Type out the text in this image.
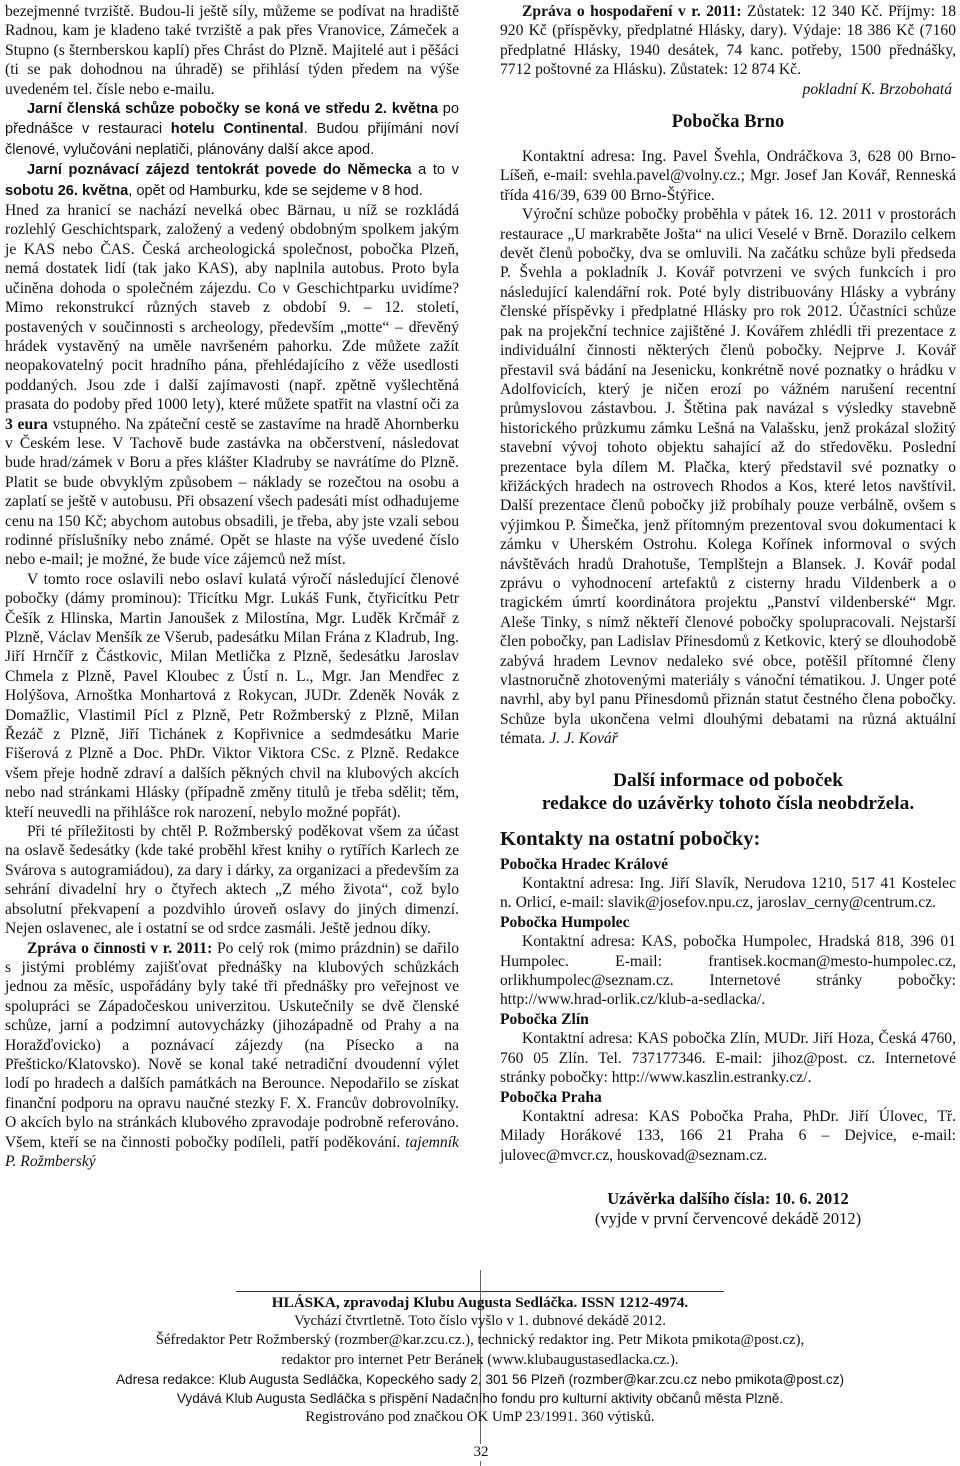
bezejmenné tvrziště. Budou-li ještě síly, můžeme se podívat na hradiště Radnou, kam je kladeno také tvrziště a pak přes Vranovice, Zámeček a Stupno (s šternberskou kaplí) přes Chrást do Plzně. Majitelé aut i pěšáci (ti se pak dohodnou na úhradě) se přihlásí týden předem na výše uvedeném tel. čísle nebo e-mailu.

Jarní členská schůze pobočky se koná ve středu 2. května po přednášce v restauraci hotelu Continental. Budou přijímáni noví členové, vylučováni neplatiči, plánovány další akce apod.

Jarní poznávací zájezd tentokrát povede do Německa a to v sobotu 26. května, opět od Hamburku, kde se sejdeme v 8 hod.

Hned za hranicí se nachází nevelká obec Bärnau, u níž se rozkládá rozlehlý Geschichtspark, založený a vedený obdobným spolkem jakým je KAS nebo ČAS. Česká archeologická společnost, pobočka Plzeň, nemá dostatek lidí (tak jako KAS), aby naplnila autobus. Proto byla učiněna dohoda o společném zájezdu. Co v Geschichtparku uvidíme? Mimo rekonstrukcí různých staveb z období 9. – 12. století, postavených v součinnosti s archeology, především „motte“ – dřevěný hrádek vystavěný na uměle navršeném pahorku. Zde můžete zažít neopakovatelný pocit hradního pána, přehlédajícího z věže usedlosti poddaných. Jsou zde i další zajímavosti (např. zpětně vyšlechtěná prasata do podoby před 1000 lety), které můžete spatřit na vlastní oči za 3 eura vstupného. Na zpáteční cestě se zastavíme na hradě Ahornberku v Českém lese. V Tachově bude zastávka na občerstvení, následovat bude hrad/zámek v Boru a přes klášter Kladruby se navrátíme do Plzně. Platit se bude obvyklým způsobem – náklady se rozečtou na osobu a zaplatí se ještě v autobusu. Při obsazení všech padesáti míst odhadujeme cenu na 150 Kč; abychom autobus obsadili, je třeba, aby jste vzali sebou rodinné příslušníky nebo známé. Opět se hlaste na výše uvedené číslo nebo e-mail; je možné, že bude více zájemců než míst.

V tomto roce oslavili nebo oslaví kulatá výročí následující členové pobočky (dámy prominou): Třicítku Mgr. Lukáš Funk, čtyřicítku Petr Češík z Hlinska, Martin Janoušek z Milostína, Mgr. Luděk Krčmář z Plzně, Václav Menšík ze Všerub, padesátku Milan Frána z Kladrub, Ing. Jiří Hrnčíř z Částkovic, Milan Metlička z Plzně, šedesátku Jaroslav Chmela z Plzně, Pavel Kloubec z Ústí n. L., Mgr. Jan Mendřec z Holýšova, Arnoštka Monhartová z Rokycan, JUDr. Zdeněk Novák z Domažlic, Vlastimil Pícl z Plzně, Petr Rožmberský z Plzně, Milan Řezáč z Plzně, Jiří Tichánek z Kopřivnice a sedmdesátku Marie Fišerová z Plzně a Doc. PhDr. Viktor Viktora CSc. z Plzně. Redakce všem přeje hodně zdraví a dalších pěkných chvil na klubových akcích nebo nad stránkami Hlásky (případně změny titulů je třeba sdělit; těm, kteří neuvedli na přihlášce rok narození, nebylo možné popřát).

Při té příležitosti by chtěl P. Rožmberský poděkovat všem za účast na oslavě šedesátky (kde také proběhl křest knihy o rytířích Karlech ze Svárova s autogramiádou), za dary i dárky, za organizaci a především za sehrání divadelní hry o čtyřech aktech „Z mého života“, což bylo absolutní překvapení a pozdvihlo úroveň oslavy do jiných dimenzí. Nejen oslavenec, ale i ostatní se od srdce zasmáli. Ještě jednou díky.

Zpráva o činnosti v r. 2011: Po celý rok (mimo prázdnin) se dařilo s jistými problémy zajišťovat přednášky na klubových schůzkách jednou za měsíc, uspořádány byly také tři přednášky pro veřejnost ve spolupráci se Západočeskou univerzitou. Uskutečnily se dvě členské schůze, jarní a podzimní autovycházky (jihozápadně od Prahy a na Horažďovicko) a poznávací zájezdy (na Písecko a na Přešticko/Klatovsko). Nově se konal také netradiční dvoudenní výlet lodí po hradech a dalších památkách na Berounce. Nepodařilo se získat finanční podporu na opravu naučné stezky F. X. Francův dobrovolníky. O akcích bylo na stránkách klubového zpravodaje podrobně referováno. Všem, kteří se na činnosti pobočky podíleli, patří poděkování. tajemník P. Rožmberský

Zpráva o hospodaření v r. 2011: Zůstatek: 12 340 Kč. Příjmy: 18 920 Kč (příspěvky, předplatné Hlásky, dary). Výdaje: 18 386 Kč (7160 předplatné Hlásky, 1940 desátek, 74 kanc. potřeby, 1500 přednášky, 7712 poštovné za Hlásku). Zůstatek: 12 874 Kč.

pokladní K. Brzobohatá

Pobočka Brno

Kontaktní adresa: Ing. Pavel Švehla, Ondráčkova 3, 628 00 Brno-Líšeň, e-mail: svehla.pavel@volny.cz.; Mgr. Josef Jan Kovář, Renneská třída 416/39, 639 00 Brno-Štýřice.

Výroční schůze pobočky proběhla v pátek 16. 12. 2011 v prostorách restaurace „U markraběte Jošta“ na ulici Veselé v Brně. Dorazilo celkem devět členů pobočky, dva se omluvili. Na začátku schůze byli předseda P. Švehla a pokladník J. Kovář potvrzeni ve svých funkcích i pro následující kalendářní rok. Poté byly distribuovány Hlásky a vybrány členské příspěvky i předplatné Hlásky pro rok 2012. Účastníci schůze pak na projekční technice zajištěné J. Kovářem zhlédli tři prezentace z individuální činnosti některých členů pobočky. Nejprve J. Kovář přestavil svá bádání na Jesenicku, konkrétně nové poznatky o hrádku v Adolfovicích, který je ničen erozí po vážném narušení recentní průmyslovou zástavbou. J. Štětina pak navázal s výsledky stavebně historického průzkumu zámku Lešná na Valašsku, jenž prokázal složitý stavební vývoj tohoto objektu sahající až do středověku. Poslední prezentace byla dílem M. Plačka, který představil své poznatky o křižáckých hradech na ostrovech Rhodos a Kos, které letos navštívil. Další prezentace členů pobočky již probíhaly pouze verbálně, ovšem s výjimkou P. Šimečka, jenž přítomným prezentoval svou dokumentaci k zámku v Uherském Ostrohu. Kolega Kořínek informoval o svých návštěvách hradů Drahotuše, Templštejn a Blansek. J. Kovář podal zprávu o vyhodnocení artefaktů z cisterny hradu Vildenberk a o tragickém úmrtí koordinátora projektu „Panství vildenberské“ Mgr. Aleše Tinky, s nímž někteří členové pobočky spolupracovali. Nejstarší člen pobočky, pan Ladislav Přinesdomů z Ketkovic, který se dlouhodobě zabývá hradem Levnov nedaleko své obce, potěšil přítomné členy vlastnoručně zhotovenými materiály s vánoční tématikou. J. Unger poté navrhl, aby byl panu Přinesdomů přiznán statut čestného člena pobočky. Schůze byla ukončena velmi dlouhými debatami na různá aktuální témata. J. J. Kovář

Další informace od poboček
redakce do uzávěrky tohoto čísla neobdržela.
Kontakty na ostatní pobočky:
Pobočka Hradec Králové

Kontaktní adresa: Ing. Jiří Slavík, Nerudova 1210, 517 41 Kostelec n. Orlicí, e-mail: slavik@josefov.npu.cz, jaroslav_cerny@centrum.cz.

Pobočka Humpolec

Kontaktní adresa: KAS, pobočka Humpolec, Hradská 818, 396 01 Humpolec. E-mail: frantisek.kocman@mesto-humpolec.cz, orlikhumpolec@seznam.cz. Internetové stránky pobočky: http://www.hrad-orlik.cz/klub-a-sedlacka/.

Pobočka Zlín

Kontaktní adresa: KAS pobočka Zlín, MUDr. Jiří Hoza, Česká 4760, 760 05 Zlín. Tel. 737177346. E-mail: jihoz@post. cz. Internetové stránky pobočky: http://www.kaszlin.estranky.cz/.

Pobočka Praha

Kontaktní adresa: KAS Pobočka Praha, PhDr. Jiří Úlovec, Tř. Milady Horákové 133, 166 21 Praha 6 – Dejvice, e-mail: julovec@mvcr.cz, houskovad@seznam.cz.

Uzávěrka dalšího čísla: 10. 6. 2012
(vyjde v první červencové dekádě 2012)

HLÁSKA, zpravodaj Klubu Augusta Sedláčka. ISSN 1212-4974.

Vychází čtvrtletně. Toto číslo vyšlo v 1. dubnové dekádě 2012.

Šéfredaktor Petr Rožmberský (rozmber@kar.zcu.cz.), technický redaktor ing. Petr Mikota pmikota@post.cz),

redaktor pro internet Petr Beránek (www.klubaugustasedlacka.cz.).

Adresa redakce: Klub Augusta Sedláčka, Kopeckého sady 2, 301 56 Plzeň (rozmber@kar.zcu.cz nebo pmikota@post.cz)

Vydává Klub Augusta Sedláčka s přispění Nadačního fondu pro kulturní aktivity občanů města Plzně.

Registrováno pod značkou OK UmP 23/1991. 360 výtisků.

32
